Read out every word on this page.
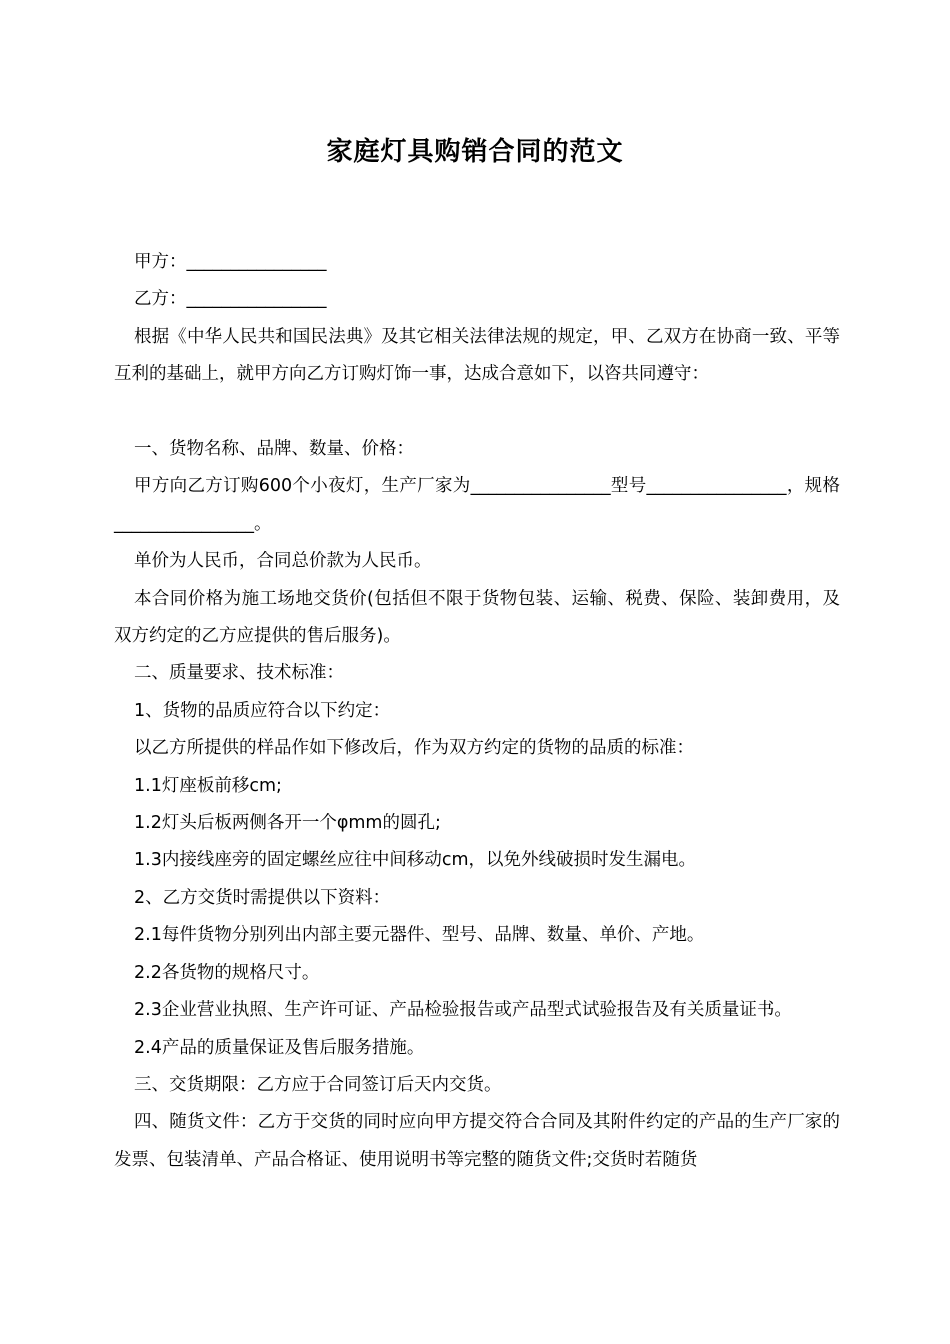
家庭灯具购销合同的范文

甲方：________________

乙方：________________

根据《中华人民共和国民法典》及其它相关法律法规的规定，甲、乙双方在协商一致、平等互利的基础上，就甲方向乙方订购灯饰一事，达成合意如下，以咨共同遵守：

一、货物名称、品牌、数量、价格：

甲方向乙方订购600个小夜灯，生产厂家为________________型号________________，规格________________。

单价为人民币，合同总价款为人民币。

本合同价格为施工场地交货价(包括但不限于货物包装、运输、税费、保险、装卸费用，及双方约定的乙方应提供的售后服务)。

二、质量要求、技术标准：

1、货物的品质应符合以下约定：

以乙方所提供的样品作如下修改后，作为双方约定的货物的品质的标准：

1.1灯座板前移cm;

1.2灯头后板两侧各开一个φmm的圆孔;

1.3内接线座旁的固定螺丝应往中间移动cm，以免外线破损时发生漏电。

2、乙方交货时需提供以下资料：

2.1每件货物分别列出内部主要元器件、型号、品牌、数量、单价、产地。

2.2各货物的规格尺寸。

2.3企业营业执照、生产许可证、产品检验报告或产品型式试验报告及有关质量证书。

2.4产品的质量保证及售后服务措施。

三、交货期限：乙方应于合同签订后天内交货。

四、随货文件：乙方于交货的同时应向甲方提交符合合同及其附件约定的产品的生产厂家的发票、包装清单、产品合格证、使用说明书等完整的随货文件;交货时若随货
